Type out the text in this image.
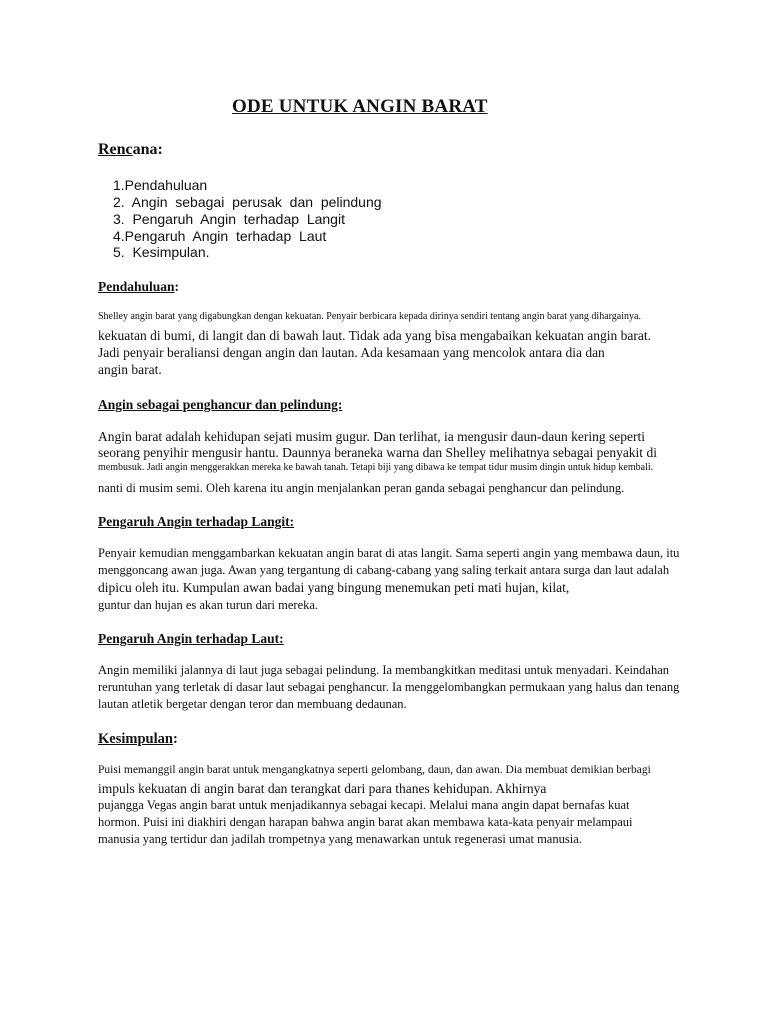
ODE UNTUK ANGIN BARAT
Rencana:
1.Pendahuluan
2.  Angin  sebagai  perusak  dan  pelindung
3.  Pengaruh  Angin  terhadap  Langit
4.Pengaruh  Angin  terhadap  Laut
5.  Kesimpulan.
Pendahuluan:
Shelley angin barat yang digabungkan dengan kekuatan. Penyair berbicara kepada dirinya sendiri tentang angin barat yang dihargainya.
kekuatan di bumi, di langit dan di bawah laut. Tidak ada yang bisa mengabaikan kekuatan angin barat.
Jadi penyair beraliansi dengan angin dan lautan. Ada kesamaan yang mencolok antara dia dan
angin barat.
Angin sebagai penghancur dan pelindung:
Angin barat adalah kehidupan sejati musim gugur. Dan terlihat, ia mengusir daun-daun kering seperti
seorang penyihir mengusir hantu. Daunnya beraneka warna dan Shelley melihatnya sebagai penyakit di
membusuk. Jadi angin menggerakkan mereka ke bawah tanah. Tetapi biji yang dibawa ke tempat tidur musim dingin untuk hidup kembali.
nanti di musim semi. Oleh karena itu angin menjalankan peran ganda sebagai penghancur dan pelindung.
Pengaruh Angin terhadap Langit:
Penyair kemudian menggambarkan kekuatan angin barat di atas langit. Sama seperti angin yang membawa daun, itu
menggoncang awan juga. Awan yang tergantung di cabang-cabang yang saling terkait antara surga dan laut adalah
dipicu oleh itu. Kumpulan awan badai yang bingung menemukan peti mati hujan, kilat,
guntur dan hujan es akan turun dari mereka.
Pengaruh Angin terhadap Laut:
Angin memiliki jalannya di laut juga sebagai pelindung. Ia membangkitkan meditasi untuk menyadari. Keindahan
reruntuhan yang terletak di dasar laut sebagai penghancur. Ia menggelombangkan permukaan yang halus dan tenang
lautan atletik bergetar dengan teror dan membuang dedaunan.
Kesimpulan:
Puisi memanggil angin barat untuk mengangkatnya seperti gelombang, daun, dan awan. Dia membuat demikian berbagi
impuls kekuatan di angin barat dan terangkat dari para thanes kehidupan. Akhirnya
pujangga Vegas angin barat untuk menjadikannya sebagai kecapi. Melalui mana angin dapat bernafas kuat
hormon. Puisi ini diakhiri dengan harapan bahwa angin barat akan membawa kata-kata penyair melampaui
manusia yang tertidur dan jadilah trompetnya yang menawarkan untuk regenerasi umat manusia.
